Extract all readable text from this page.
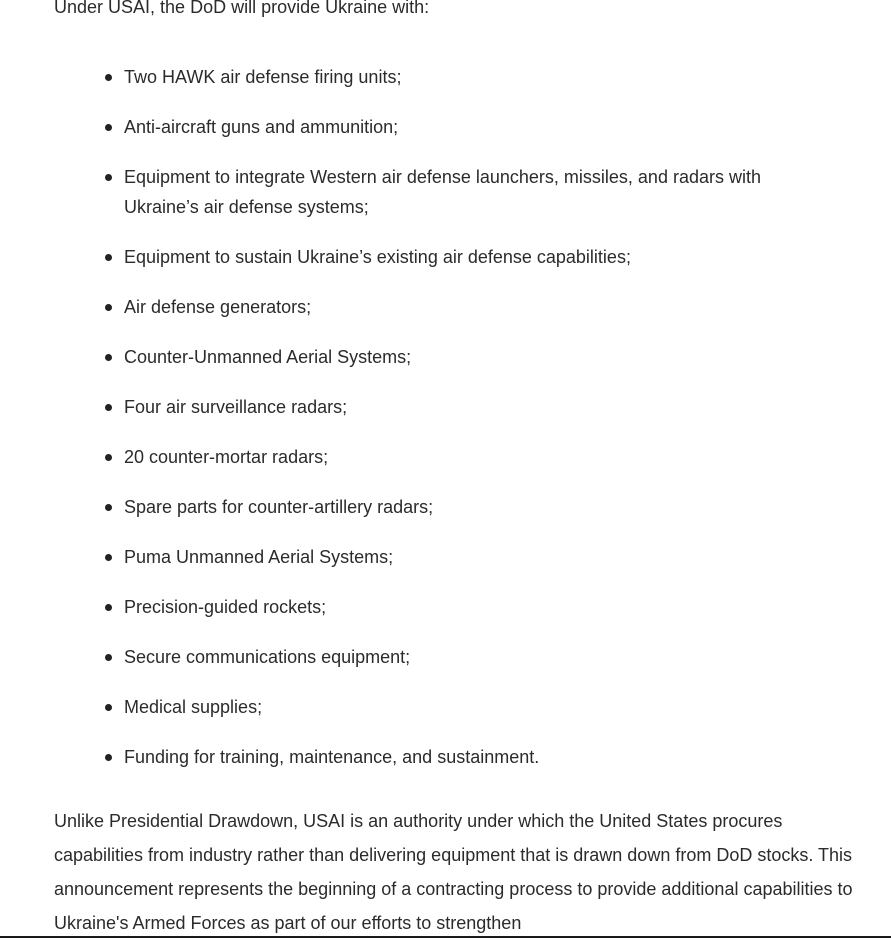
Under USAI, the DoD will provide Ukraine with:

Two HAWK air defense firing units;
Anti-aircraft guns and ammunition;
Equipment to integrate Western air defense launchers, missiles, and radars with Ukraine’s air defense systems;
Equipment to sustain Ukraine’s existing air defense capabilities;
Air defense generators;
Counter-Unmanned Aerial Systems;
Four air surveillance radars;
20 counter-mortar radars;
Spare parts for counter-artillery radars;
Puma Unmanned Aerial Systems;
Precision-guided rockets;
Secure communications equipment;
Medical supplies;
Funding for training, maintenance, and sustainment.

Unlike Presidential Drawdown, USAI is an authority under which the United States procures capabilities from industry rather than delivering equipment that is drawn down from DoD stocks. This announcement represents the beginning of a contracting process to provide additional capabilities to Ukraine's Armed Forces as part of our efforts to strengthen
